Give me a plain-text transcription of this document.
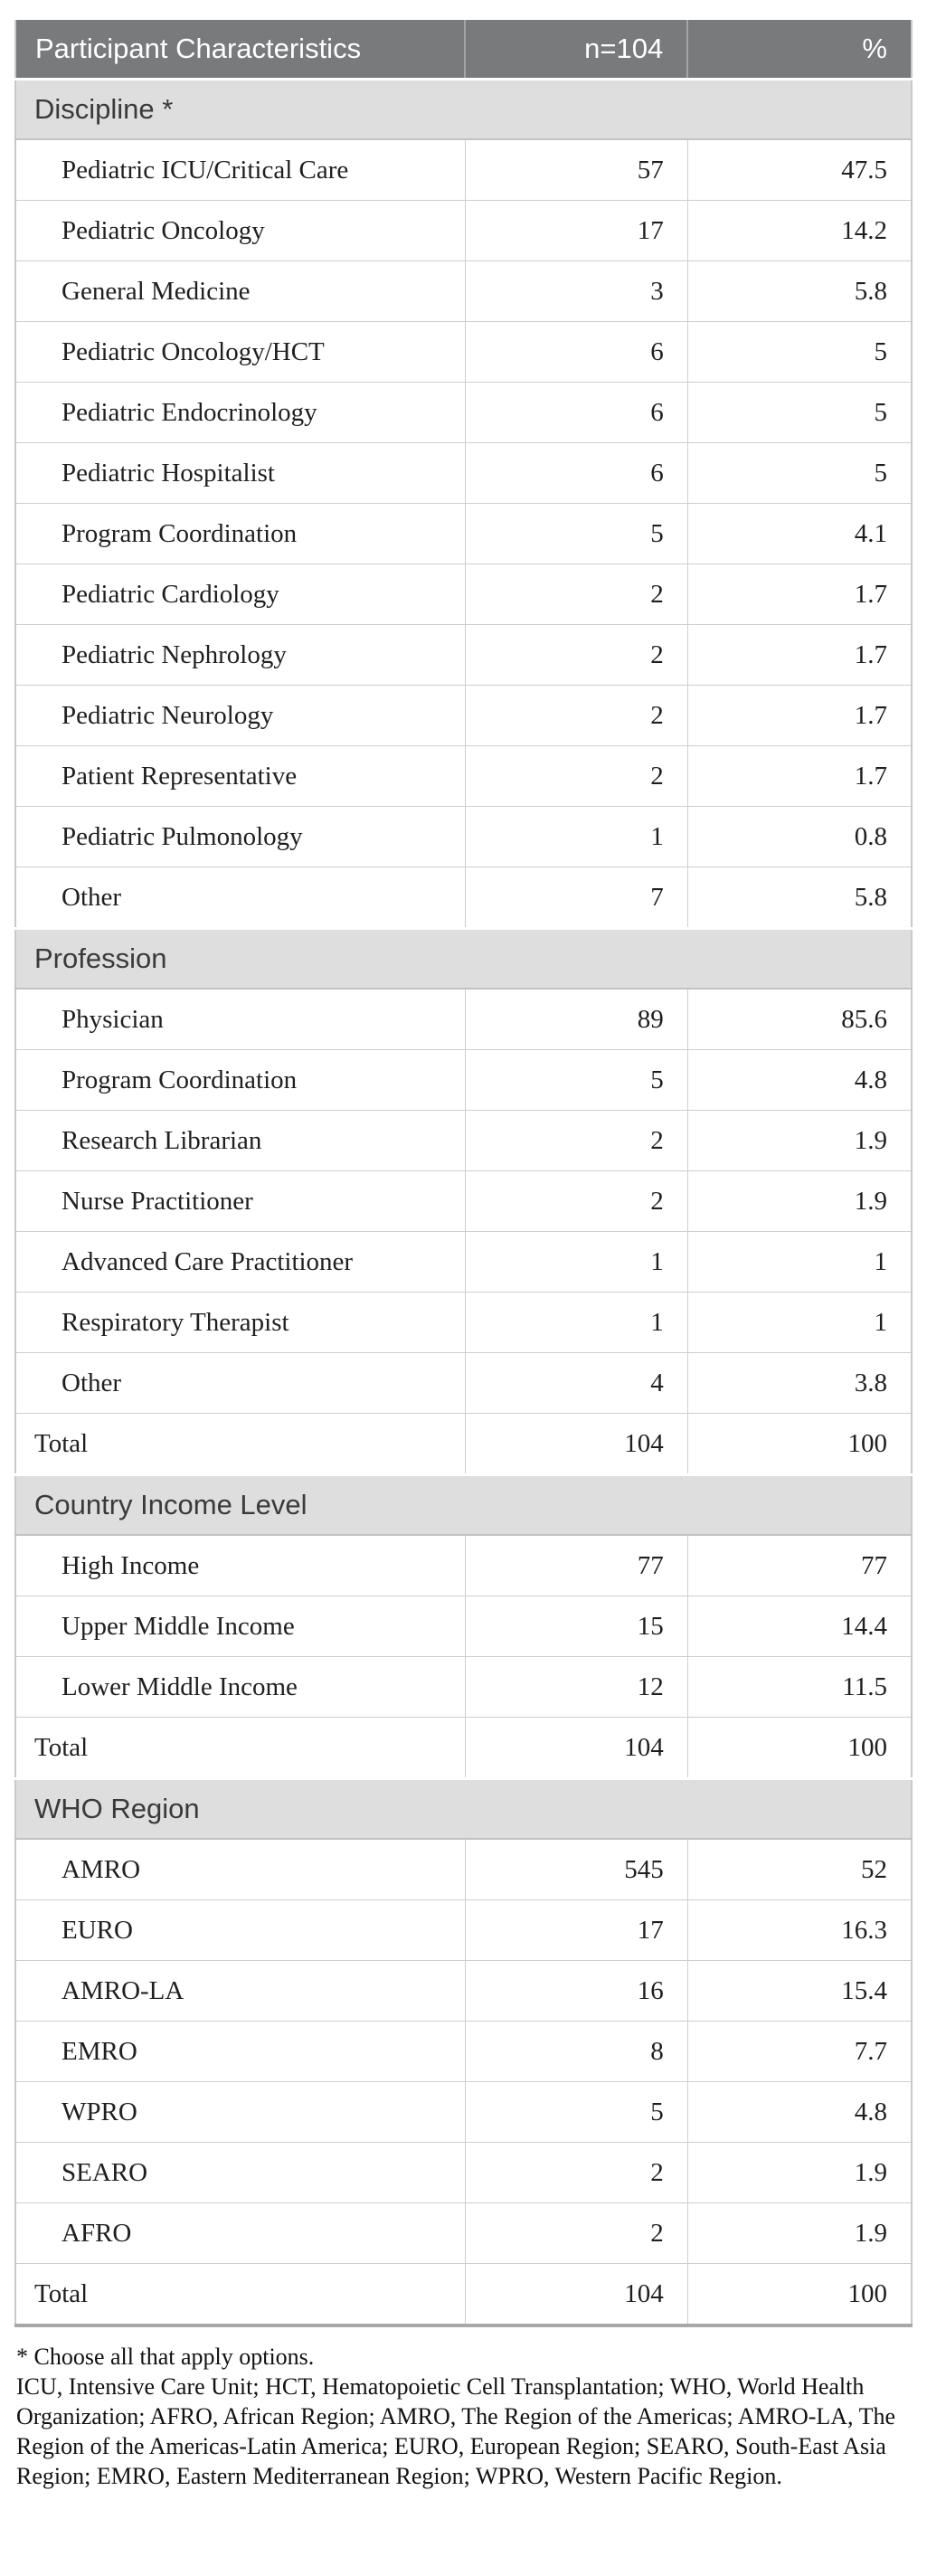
Participant Characteristics	n=104	%
Discipline *		
Pediatric ICU/Critical Care	57	47.5
Pediatric Oncology	17	14.2
General Medicine	3	5.8
Pediatric Oncology/HCT	6	5
Pediatric Endocrinology	6	5
Pediatric Hospitalist	6	5
Program Coordination	5	4.1
Pediatric Cardiology	2	1.7
Pediatric Nephrology	2	1.7
Pediatric Neurology	2	1.7
Patient Representative	2	1.7
Pediatric Pulmonology	1	0.8
Other	7	5.8
Profession		
Physician	89	85.6
Program Coordination	5	4.8
Research Librarian	2	1.9
Nurse Practitioner	2	1.9
Advanced Care Practitioner	1	1
Respiratory Therapist	1	1
Other	4	3.8
Total	104	100
Country Income Level		
High Income	77	77
Upper Middle Income	15	14.4
Lower Middle Income	12	11.5
Total	104	100
WHO Region		
AMRO	545	52
EURO	17	16.3
AMRO-LA	16	15.4
EMRO	8	7.7
WPRO	5	4.8
SEARO	2	1.9
AFRO	2	1.9
Total	104	100

* Choose all that apply options.

ICU, Intensive Care Unit; HCT, Hematopoietic Cell Transplantation; WHO, World Health Organization; AFRO, African Region; AMRO, The Region of the Americas; AMRO-LA, The Region of the Americas-Latin America; EURO, European Region; SEARO, South-East Asia Region; EMRO, Eastern Mediterranean Region; WPRO, Western Pacific Region.
